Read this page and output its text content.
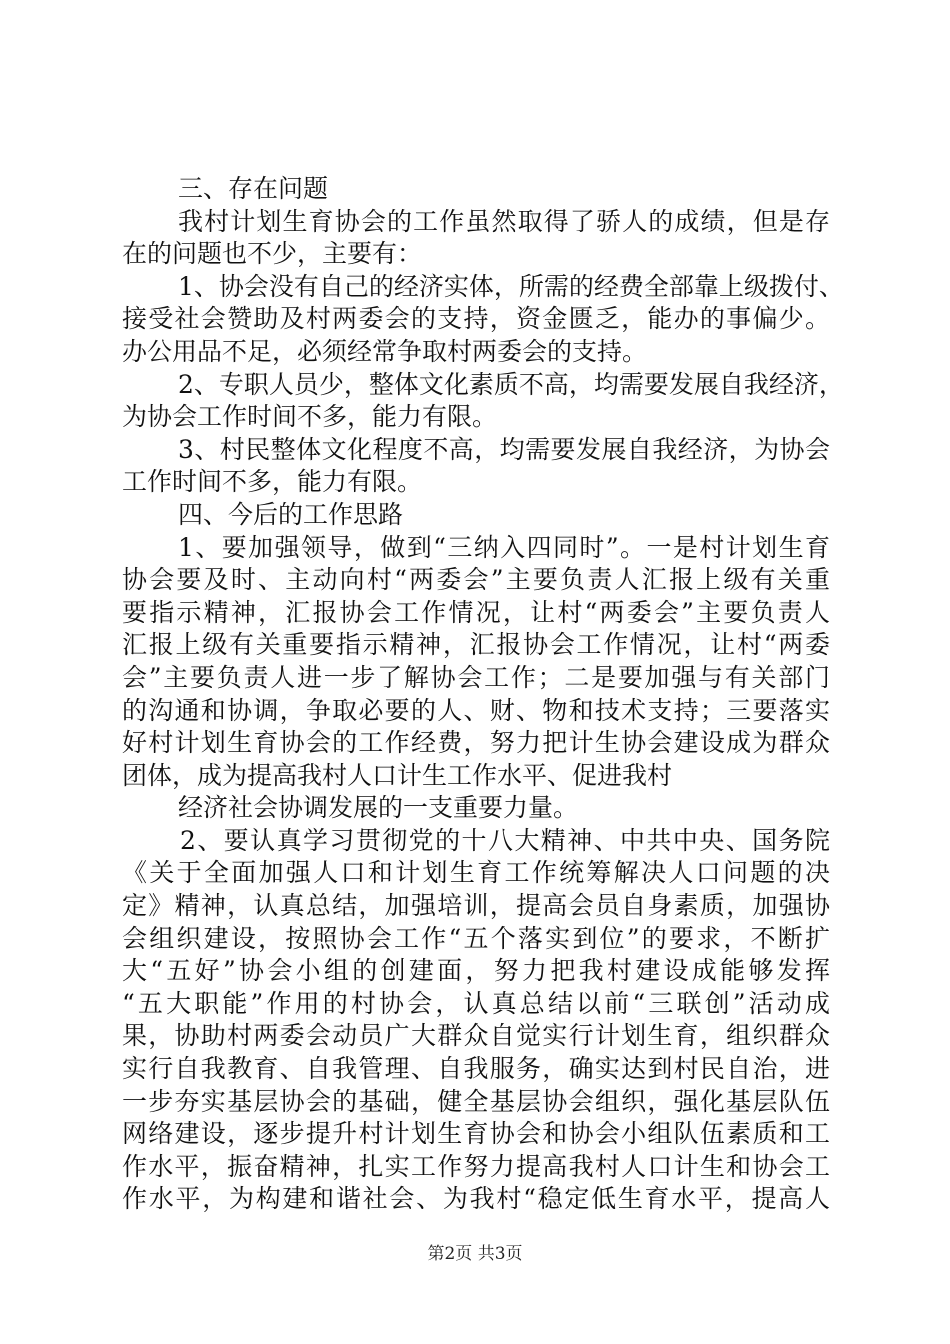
三、存在问题
我村计划生育协会的工作虽然取得了骄人的成绩，但是存
在的问题也不少，主要有：
1、协会没有自己的经济实体，所需的经费全部靠上级拨付、
接受社会赞助及村两委会的支持，资金匮乏，能办的事偏少。
办公用品不足，必须经常争取村两委会的支持。
2、专职人员少，整体文化素质不高，均需要发展自我经济，
为协会工作时间不多，能力有限。
3、村民整体文化程度不高，均需要发展自我经济，为协会
工作时间不多，能力有限。
四、今后的工作思路
1、要加强领导，做到“三纳入四同时”。一是村计划生育
协会要及时、主动向村“两委会”主要负责人汇报上级有关重
要指示精神，汇报协会工作情况，让村“两委会”主要负责人
汇报上级有关重要指示精神，汇报协会工作情况，让村“两委
会”主要负责人进一步了解协会工作；二是要加强与有关部门
的沟通和协调，争取必要的人、财、物和技术支持；三要落实
好村计划生育协会的工作经费，努力把计生协会建设成为群众
团体，成为提高我村人口计生工作水平、促进我村
经济社会协调发展的一支重要力量。
2、要认真学习贯彻党的十八大精神、中共中央、国务院
《关于全面加强人口和计划生育工作统筹解决人口问题的决
定》精神，认真总结，加强培训，提高会员自身素质，加强协
会组织建设，按照协会工作“五个落实到位”的要求，不断扩
大“五好”协会小组的创建面，努力把我村建设成能够发挥
“五大职能”作用的村协会，认真总结以前“三联创”活动成
果，协助村两委会动员广大群众自觉实行计划生育，组织群众
实行自我教育、自我管理、自我服务，确实达到村民自治，进
一步夯实基层协会的基础，健全基层协会组织，强化基层队伍
网络建设，逐步提升村计划生育协会和协会小组队伍素质和工
作水平，振奋精神，扎实工作努力提高我村人口计生和协会工
作水平，为构建和谐社会、为我村“稳定低生育水平，提高人
第2页 共3页
